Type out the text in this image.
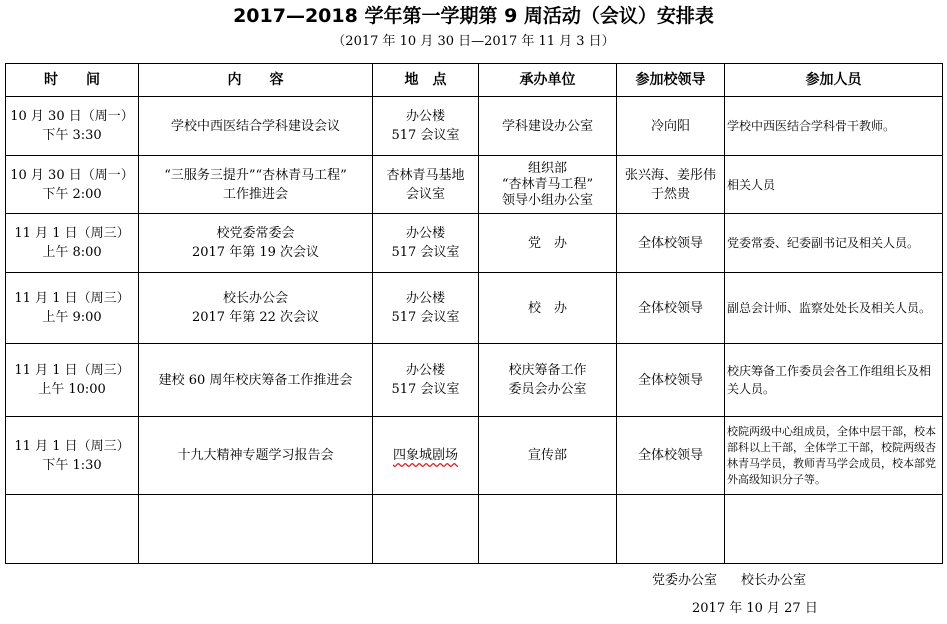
2017—2018 学年第一学期第 9 周活动（会议）安排表
（2017 年 10 月 30 日—2017 年 11 月 3 日）
时　　间	内　　容	地　点	承办单位	参加校领导	参加人员

10 月 30 日（周一）
下午 3:30	学校中西医结合学科建设会议	办公楼
517 会议室	学科建设办公室	冷向阳	学校中西医结合学科骨干教师。

10 月 30 日（周一）
下午 2:00	“三服务三提升”“杏林青马工程”
工作推进会	杏林青马基地
会议室	组织部
“杏林青马工程”
领导小组办公室	张兴海、姜彤伟
于然贵	相关人员

11 月 1 日（周三）
上午 8:00	校党委常委会
2017 年第 19 次会议	办公楼
517 会议室	党　办	全体校领导	党委常委、纪委副书记及相关人员。

11 月 1 日（周三）
上午 9:00	校长办公会
2017 年第 22 次会议	办公楼
517 会议室	校　办	全体校领导	副总会计师、监察处处长及相关人员。

11 月 1 日（周三）
上午 10:00	建校 60 周年校庆筹备工作推进会	办公楼
517 会议室	校庆筹备工作
委员会办公室	全体校领导	校庆筹备工作委员会各工作组组长及相关人员。

11 月 1 日（周三）
下午 1:30	十九大精神专题学习报告会	四象城剧场	宣传部	全体校领导	校院两级中心组成员，全体中层干部，校本部科以上干部，全体学工干部，校院两级杏林青马学员，教师青马学会成员，校本部党外高级知识分子等。

党委办公室 校长办公室
2017 年 10 月 27 日
